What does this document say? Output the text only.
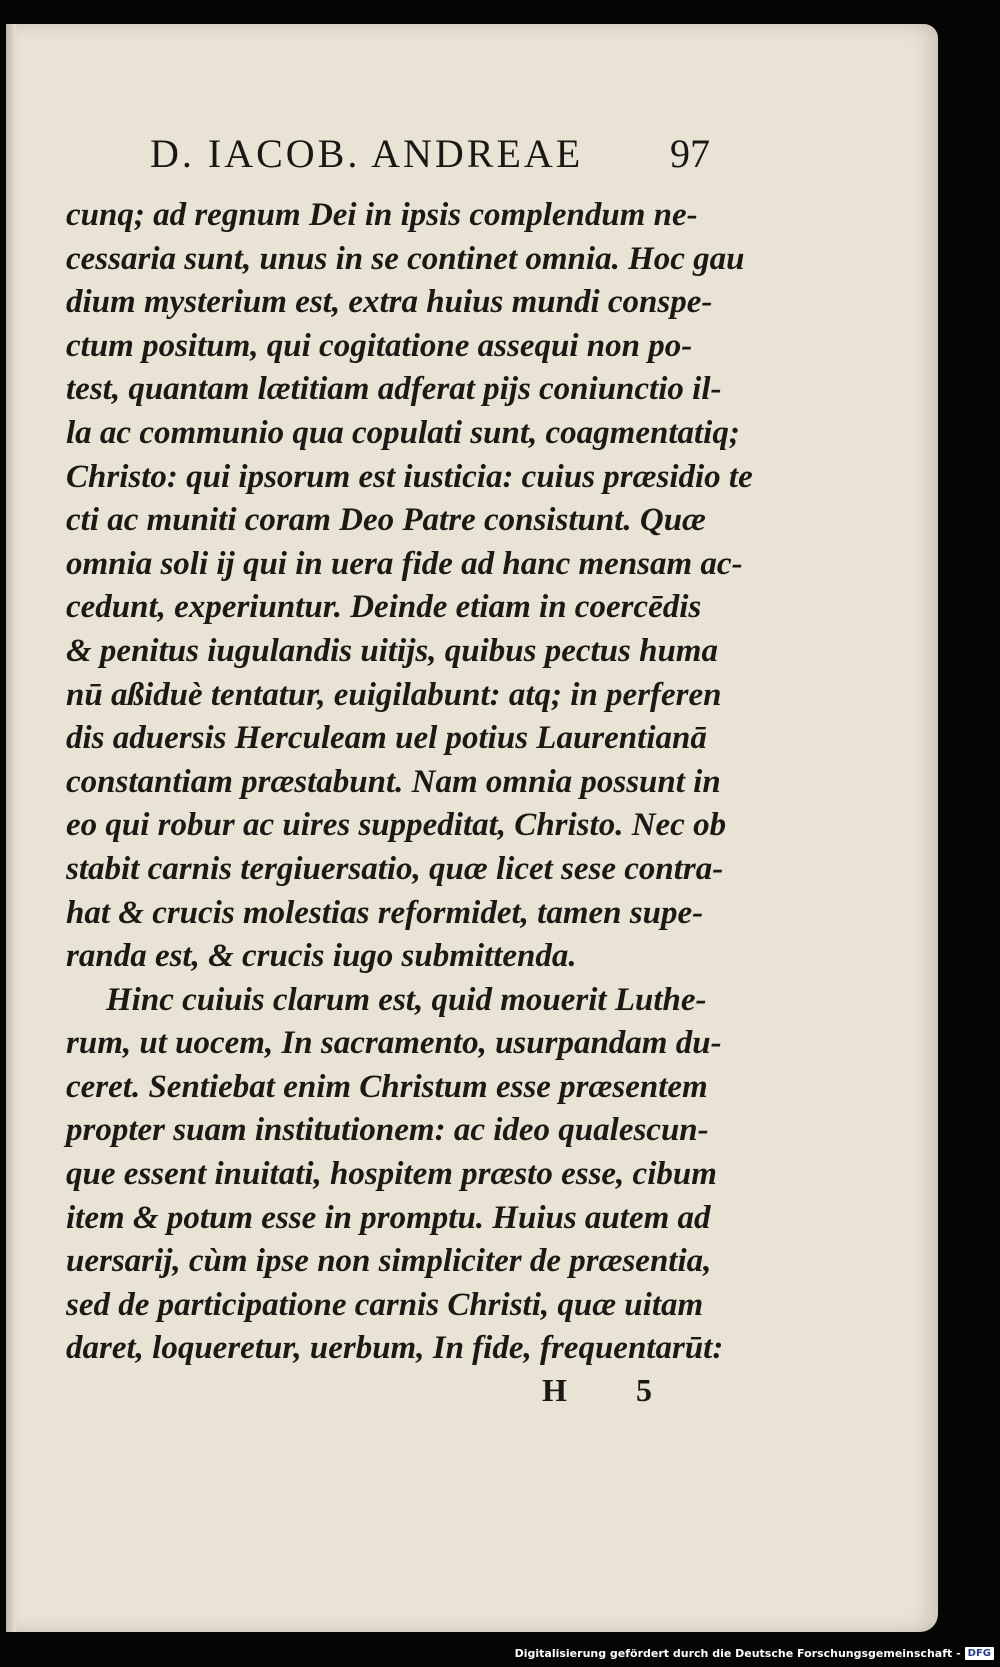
D. IACOB. ANDREAE 97
cunq; ad regnum Dei in ipsis complendum ne-
cessaria sunt, unus in se continet omnia. Hoc gau
dium mysterium est, extra huius mundi conspe-
ctum positum, qui cogitatione assequi non po-
test, quantam lætitiam adferat pijs coniunctio il-
la ac communio qua copulati sunt, coagmentatiq;
Christo: qui ipsorum est iusticia: cuius præsidio te
cti ac muniti coram Deo Patre consistunt. Quæ
omnia soli ij qui in uera fide ad hanc mensam ac-
cedunt, experiuntur. Deinde etiam in coercēdis
& penitus iugulandis uitijs, quibus pectus huma
nū aßiduè tentatur, euigilabunt: atq; in perferen
dis aduersis Herculeam uel potius Laurentianā
constantiam præstabunt. Nam omnia possunt in
eo qui robur ac uires suppeditat, Christo. Nec ob
stabit carnis tergiuersatio, quæ licet sese contra-
hat & crucis molestias reformidet, tamen supe-
randa est, & crucis iugo submittenda.
Hinc cuiuis clarum est, quid mouerit Luthe-
rum, ut uocem, In sacramento, usurpandam du-
ceret. Sentiebat enim Christum esse præsentem
propter suam institutionem: ac ideo qualescun-
que essent inuitati, hospitem præsto esse, cibum
item & potum esse in promptu. Huius autem ad
uersarij, cùm ipse non simpliciter de præsentia,
sed de participatione carnis Christi, quæ uitam
daret, loqueretur, uerbum, In fide, frequentarūt:
H 5
Digitalisierung gefördert durch die Deutsche Forschungsgemeinschaft - DFG
